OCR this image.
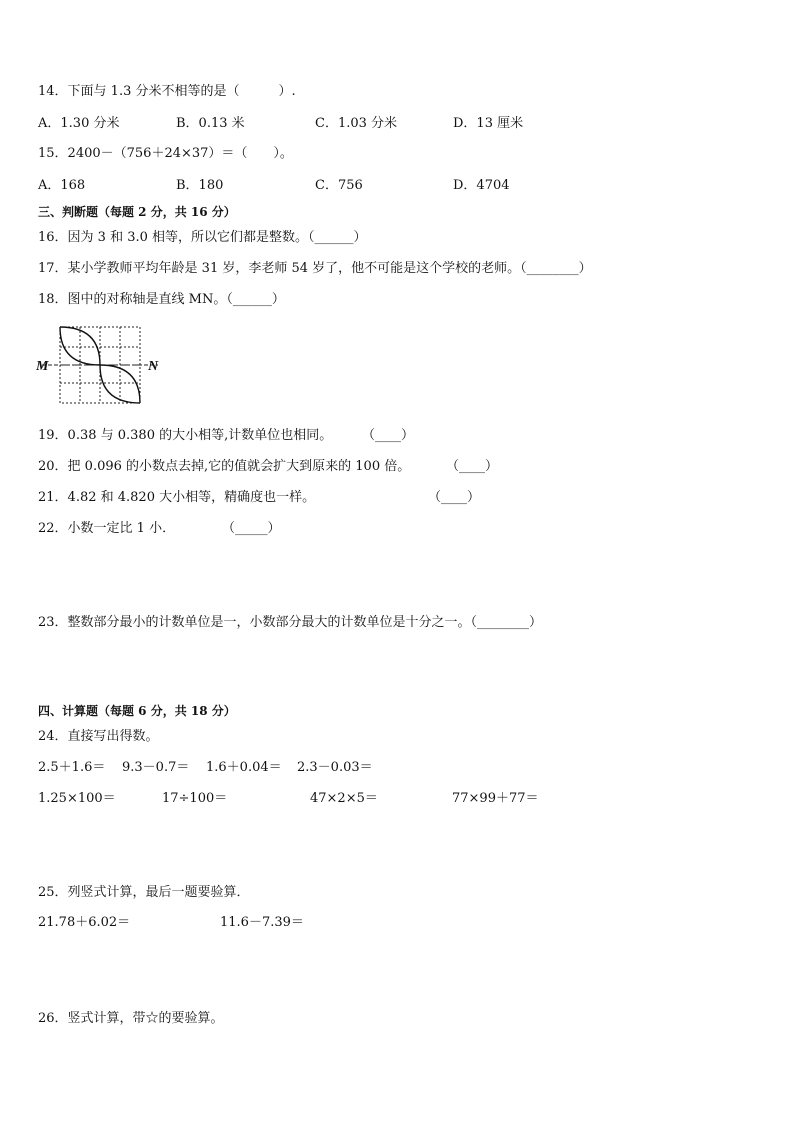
14．下面与 1.3 分米不相等的是（　　　）.
A．1.30 分米	B．0.13 米	C．1.03 分米	D．13 厘米
15．2400－（756＋24×37）＝（　　）。
A．168	B．180	C．756	D．4704
三、判断题（每题 2 分，共 16 分）
16．因为 3 和 3.0 相等，所以它们都是整数。（______）
17．某小学教师平均年龄是 31 岁，李老师 54 岁了，他不可能是这个学校的老师。（________）
18．图中的对称轴是直线 MN。（______）
M	N
19．0.38 与 0.380 的大小相等,计数单位也相同。 （____）
20．把 0.096 的小数点去掉,它的值就会扩大到原来的 100 倍。	（____）
21．4.82 和 4.820 大小相等，精确度也一样。	（____）
22．小数一定比 1 小．	（_____）
23．整数部分最小的计数单位是一，小数部分最大的计数单位是十分之一。（________）
四、计算题（每题 6 分，共 18 分）
24．直接写出得数。
2.5＋1.6＝ 9.3－0.7＝ 1.6＋0.04＝ 2.3－0.03＝
1.25×100＝	17÷100＝	47×2×5＝	77×99＋77＝
25．列竖式计算，最后一题要验算．
21.78＋6.02＝	11.6－7.39＝
26．竖式计算，带☆的要验算。
